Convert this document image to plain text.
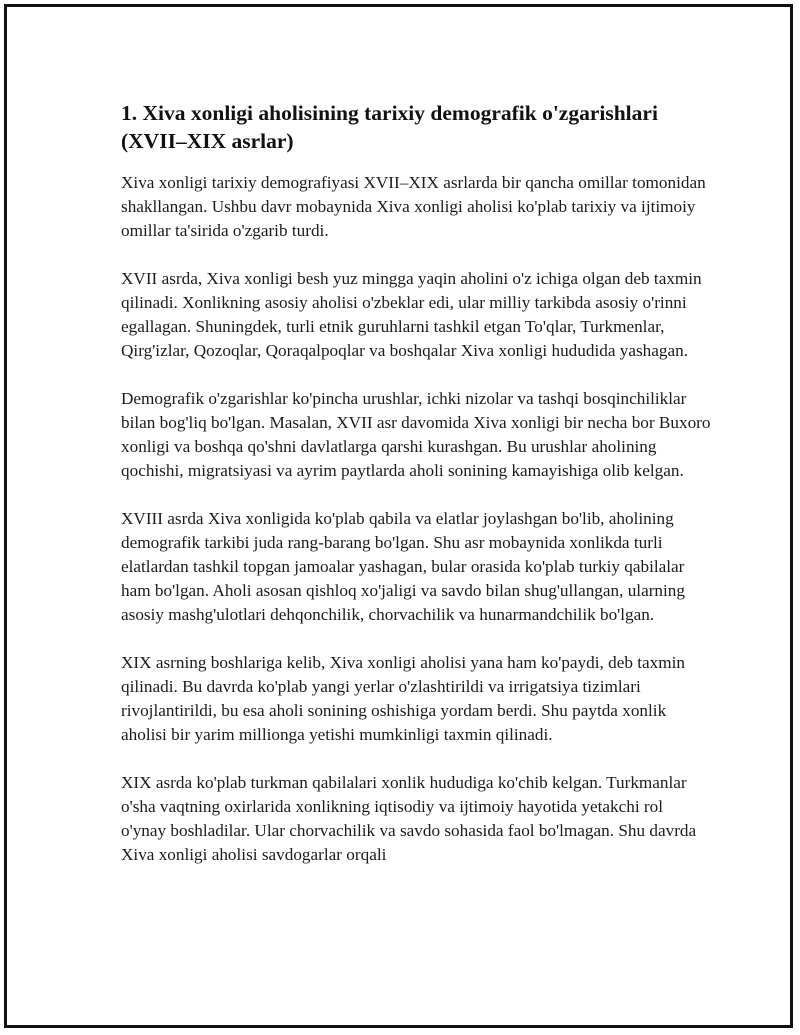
1. Xiva xonligi aholisining tarixiy demografik o'zgarishlari (XVII–XIX asrlar)

Xiva xonligi tarixiy demografiyasi XVII–XIX asrlarda bir qancha omillar tomonidan shakllangan. Ushbu davr mobaynida Xiva xonligi aholisi ko'plab tarixiy va ijtimoiy omillar ta'sirida o'zgarib turdi.

XVII asrda, Xiva xonligi besh yuz mingga yaqin aholini o'z ichiga olgan deb taxmin qilinadi. Xonlikning asosiy aholisi o'zbeklar edi, ular milliy tarkibda asosiy o'rinni egallagan. Shuningdek, turli etnik guruhlarni tashkil etgan To'qlar, Turkmenlar, Qirg'izlar, Qozoqlar, Qoraqalpoqlar va boshqalar Xiva xonligi hududida yashagan.

Demografik o'zgarishlar ko'pincha urushlar, ichki nizolar va tashqi bosqinchiliklar bilan bog'liq bo'lgan. Masalan, XVII asr davomida Xiva xonligi bir necha bor Buxoro xonligi va boshqa qo'shni davlatlarga qarshi kurashgan. Bu urushlar aholining qochishi, migratsiyasi va ayrim paytlarda aholi sonining kamayishiga olib kelgan.

XVIII asrda Xiva xonligida ko'plab qabila va elatlar joylashgan bo'lib, aholining demografik tarkibi juda rang-barang bo'lgan. Shu asr mobaynida xonlikda turli elatlardan tashkil topgan jamoalar yashagan, bular orasida ko'plab turkiy qabilalar ham bo'lgan. Aholi asosan qishloq xo'jaligi va savdo bilan shug'ullangan, ularning asosiy mashg'ulotlari dehqonchilik, chorvachilik va hunarmandchilik bo'lgan.

XIX asrning boshlariga kelib, Xiva xonligi aholisi yana ham ko'paydi, deb taxmin qilinadi. Bu davrda ko'plab yangi yerlar o'zlashtirildi va irrigatsiya tizimlari rivojlantirildi, bu esa aholi sonining oshishiga yordam berdi. Shu paytda xonlik aholisi bir yarim millionga yetishi mumkinligi taxmin qilinadi.

XIX asrda ko'plab turkman qabilalari xonlik hududiga ko'chib kelgan. Turkmanlar o'sha vaqtning oxirlarida xonlikning iqtisodiy va ijtimoiy hayotida yetakchi rol o'ynay boshladilar. Ular chorvachilik va savdo sohasida faol bo'lmagan. Shu davrda Xiva xonligi aholisi savdogarlar orqali
